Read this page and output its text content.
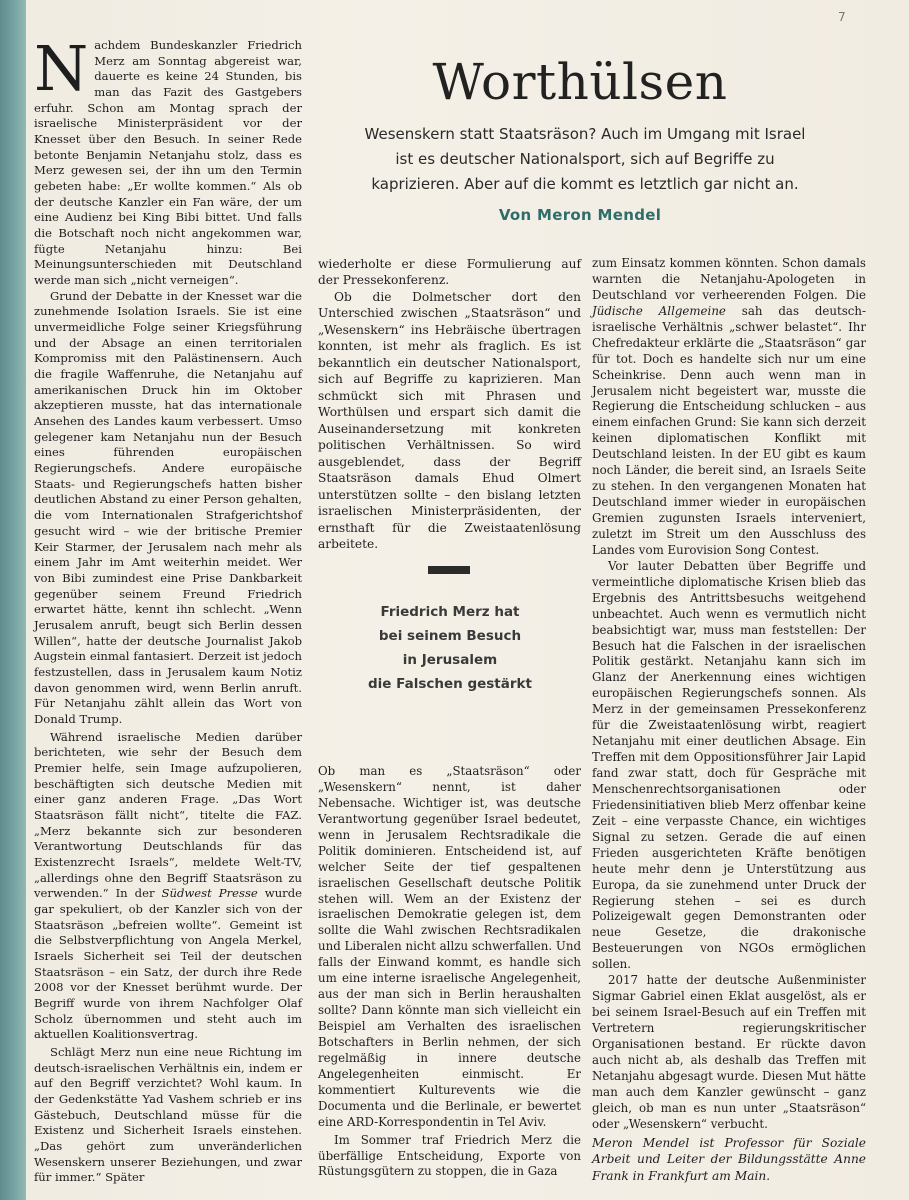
7

Nachdem Bundeskanzler Friedrich Merz am Sonntag abgereist war, dauerte es keine 24 Stunden, bis man das Fazit des Gastgebers erfuhr. Schon am Montag sprach der israelische Ministerpräsident vor der Knesset über den Besuch. In seiner Rede betonte Benjamin Netanjahu stolz, dass es Merz gewesen sei, der ihn um den Termin gebeten habe: „Er wollte kommen.“ Als ob der deutsche Kanzler ein Fan wäre, der um eine Audienz bei King Bibi bittet. Und falls die Botschaft noch nicht angekommen war, fügte Netanjahu hinzu: Bei Meinungsunterschieden mit Deutschland werde man sich „nicht verneigen“.

Grund der Debatte in der Knesset war die zunehmende Isolation Israels. Sie ist eine unvermeidliche Folge seiner Kriegsführung und der Absage an einen territorialen Kompromiss mit den Palästinensern. Auch die fragile Waffenruhe, die Netanjahu auf amerikanischen Druck hin im Oktober akzeptieren musste, hat das internationale Ansehen des Landes kaum verbessert. Umso gelegener kam Netanjahu nun der Besuch eines führenden europäischen Regierungschefs. Andere europäische Staats- und Regierungschefs hatten bisher deutlichen Abstand zu einer Person gehalten, die vom Internationalen Strafgerichtshof gesucht wird – wie der britische Premier Keir Starmer, der Jerusalem nach mehr als einem Jahr im Amt weiterhin meidet. Wer von Bibi zumindest eine Prise Dankbarkeit gegenüber seinem Freund Friedrich erwartet hätte, kennt ihn schlecht. „Wenn Jerusalem anruft, beugt sich Berlin dessen Willen“, hatte der deutsche Journalist Jakob Augstein einmal fantasiert. Derzeit ist jedoch festzustellen, dass in Jerusalem kaum Notiz davon genommen wird, wenn Berlin anruft. Für Netanjahu zählt allein das Wort von Donald Trump.

Während israelische Medien darüber berichteten, wie sehr der Besuch dem Premier helfe, sein Image aufzupolieren, beschäftigten sich deutsche Medien mit einer ganz anderen Frage. „Das Wort Staatsräson fällt nicht“, titelte die FAZ. „Merz bekannte sich zur besonderen Verantwortung Deutschlands für das Existenzrecht Israels“, meldete Welt-TV, „allerdings ohne den Begriff Staatsräson zu verwenden.“ In der Südwest Presse wurde gar spekuliert, ob der Kanzler sich von der Staatsräson „befreien wollte“. Gemeint ist die Selbstverpflichtung von Angela Merkel, Israels Sicherheit sei Teil der deutschen Staatsräson – ein Satz, der durch ihre Rede 2008 vor der Knesset berühmt wurde. Der Begriff wurde von ihrem Nachfolger Olaf Scholz übernommen und steht auch im aktuellen Koalitionsvertrag.

Schlägt Merz nun eine neue Richtung im deutsch-israelischen Verhältnis ein, indem er auf den Begriff verzichtet? Wohl kaum. In der Gedenkstätte Yad Vashem schrieb er ins Gästebuch, Deutschland müsse für die Existenz und Sicherheit Israels einstehen. „Das gehört zum unveränderlichen Wesenskern unserer Beziehungen, und zwar für immer.“ Später

Worthülsen
Wesenskern statt Staatsräson? Auch im Umgang mit Israel ist es deutscher Nationalsport, sich auf Begriffe zu kaprizieren. Aber auf die kommt es letztlich gar nicht an.
Von Meron Mendel

wiederholte er diese Formulierung auf der Pressekonferenz.

Ob die Dolmetscher dort den Unterschied zwischen „Staatsräson“ und „Wesenskern“ ins Hebräische übertragen konnten, ist mehr als fraglich. Es ist bekanntlich ein deutscher Nationalsport, sich auf Begriffe zu kaprizieren. Man schmückt sich mit Phrasen und Worthülsen und erspart sich damit die Auseinandersetzung mit konkreten politischen Verhältnissen. So wird ausgeblendet, dass der Begriff Staatsräson damals Ehud Olmert unterstützen sollte – den bislang letzten israelischen Ministerpräsidenten, der ernsthaft für die Zweistaatenlösung arbeitete.

Friedrich Merz hat
bei seinem Besuch
in Jerusalem
die Falschen gestärkt

Ob man es „Staatsräson“ oder „Wesenskern“ nennt, ist daher Nebensache. Wichtiger ist, was deutsche Verantwortung gegenüber Israel bedeutet, wenn in Jerusalem Rechtsradikale die Politik dominieren. Entscheidend ist, auf welcher Seite der tief gespaltenen israelischen Gesellschaft deutsche Politik stehen will. Wem an der Existenz der israelischen Demokratie gelegen ist, dem sollte die Wahl zwischen Rechtsradikalen und Liberalen nicht allzu schwerfallen. Und falls der Einwand kommt, es handle sich um eine interne israelische Angelegenheit, aus der man sich in Berlin heraushalten sollte? Dann könnte man sich vielleicht ein Beispiel am Verhalten des israelischen Botschafters in Berlin nehmen, der sich regelmäßig in innere deutsche Angelegenheiten einmischt. Er kommentiert Kulturevents wie die Documenta und die Berlinale, er bewertet eine ARD-Korrespondentin in Tel Aviv.

Im Sommer traf Friedrich Merz die überfällige Entscheidung, Exporte von Rüstungsgütern zu stoppen, die in Gaza

zum Einsatz kommen könnten. Schon damals warnten die Netanjahu-Apologeten in Deutschland vor verheerenden Folgen. Die Jüdische Allgemeine sah das deutsch-israelische Verhältnis „schwer belastet“. Ihr Chefredakteur erklärte die „Staatsräson“ gar für tot. Doch es handelte sich nur um eine Scheinkrise. Denn auch wenn man in Jerusalem nicht begeistert war, musste die Regierung die Entscheidung schlucken – aus einem einfachen Grund: Sie kann sich derzeit keinen diplomatischen Konflikt mit Deutschland leisten. In der EU gibt es kaum noch Länder, die bereit sind, an Israels Seite zu stehen. In den vergangenen Monaten hat Deutschland immer wieder in europäischen Gremien zugunsten Israels interveniert, zuletzt im Streit um den Ausschluss des Landes vom Eurovision Song Contest.

Vor lauter Debatten über Begriffe und vermeintliche diplomatische Krisen blieb das Ergebnis des Antrittsbesuchs weitgehend unbeachtet. Auch wenn es vermutlich nicht beabsichtigt war, muss man feststellen: Der Besuch hat die Falschen in der israelischen Politik gestärkt. Netanjahu kann sich im Glanz der Anerkennung eines wichtigen europäischen Regierungschefs sonnen. Als Merz in der gemeinsamen Pressekonferenz für die Zweistaatenlösung wirbt, reagiert Netanjahu mit einer deutlichen Absage. Ein Treffen mit dem Oppositionsführer Jair Lapid fand zwar statt, doch für Gespräche mit Menschenrechtsorganisationen oder Friedensinitiativen blieb Merz offenbar keine Zeit – eine verpasste Chance, ein wichtiges Signal zu setzen. Gerade die auf einen Frieden ausgerichteten Kräfte benötigen heute mehr denn je Unterstützung aus Europa, da sie zunehmend unter Druck der Regierung stehen – sei es durch Polizeigewalt gegen Demonstranten oder neue Gesetze, die drakonische Besteuerungen von NGOs ermöglichen sollen.

2017 hatte der deutsche Außenminister Sigmar Gabriel einen Eklat ausgelöst, als er bei seinem Israel-Besuch auf ein Treffen mit Vertretern regierungskritischer Organisationen bestand. Er rückte davon auch nicht ab, als deshalb das Treffen mit Netanjahu abgesagt wurde. Diesen Mut hätte man auch dem Kanzler gewünscht – ganz gleich, ob man es nun unter „Staatsräson“ oder „Wesenskern“ verbucht.

Meron Mendel ist Professor für Soziale Arbeit und Leiter der Bildungsstätte Anne Frank in Frankfurt am Main.
